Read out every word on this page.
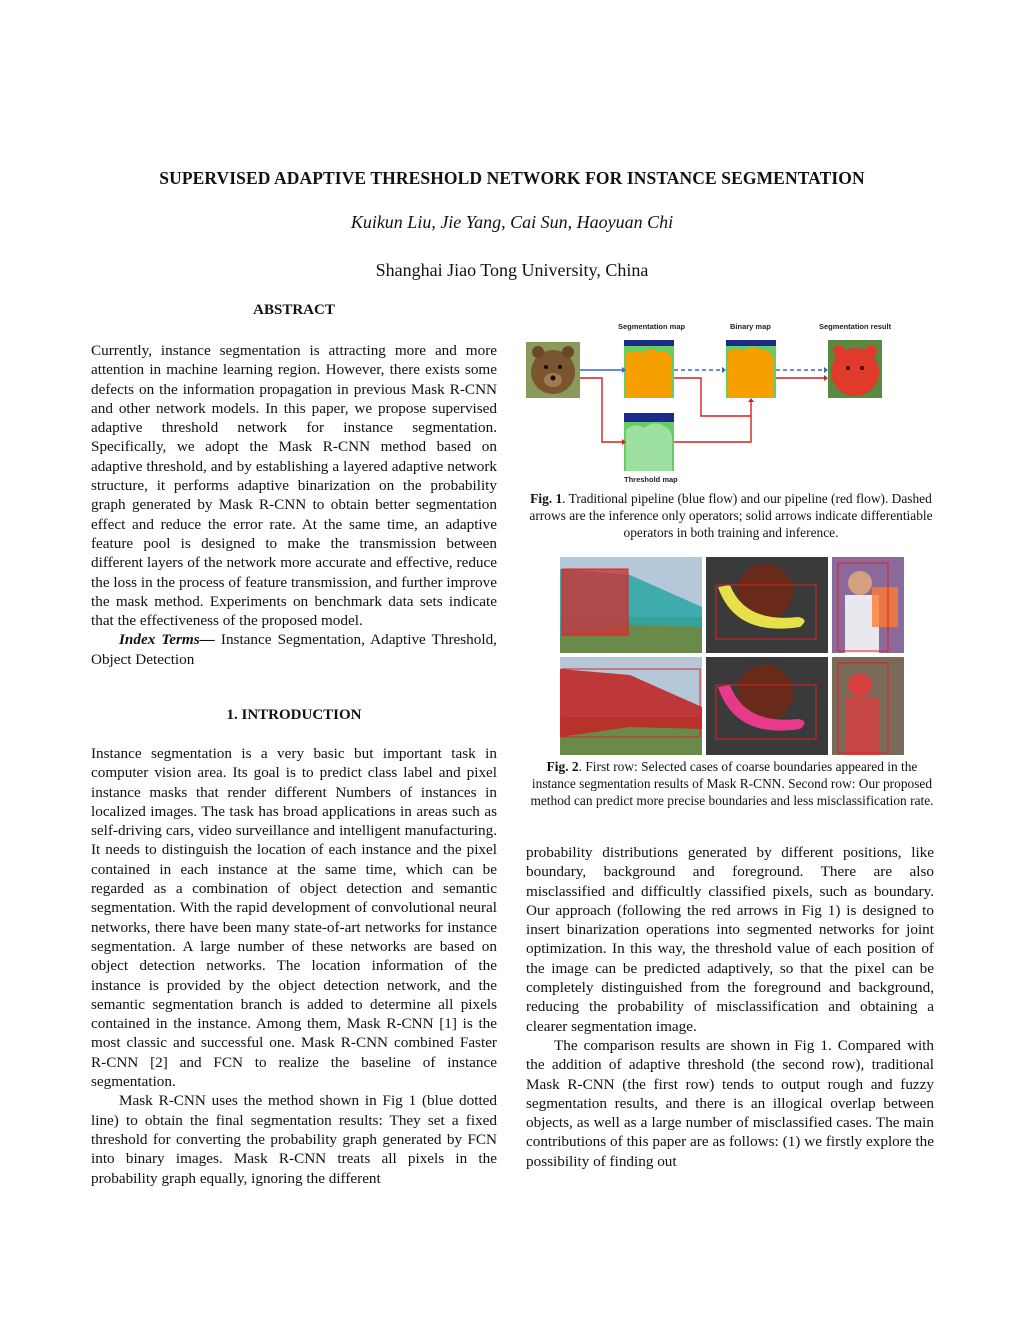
SUPERVISED ADAPTIVE THRESHOLD NETWORK FOR INSTANCE SEGMENTATION
Kuikun Liu, Jie Yang, Cai Sun, Haoyuan Chi
Shanghai Jiao Tong University, China
ABSTRACT

Currently, instance segmentation is attracting more and more attention in machine learning region. However, there exists some defects on the information propagation in previous Mask R-CNN and other network models. In this paper, we propose supervised adaptive threshold network for instance segmentation. Specifically, we adopt the Mask R-CNN method based on adaptive threshold, and by establishing a layered adaptive network structure, it performs adaptive binarization on the probability graph generated by Mask R-CNN to obtain better segmentation effect and reduce the error rate. At the same time, an adaptive feature pool is designed to make the transmission between different layers of the network more accurate and effective, reduce the loss in the process of feature transmission, and further improve the mask method. Experiments on benchmark data sets indicate that the effectiveness of the proposed model.

Index Terms— Instance Segmentation, Adaptive Threshold, Object Detection

1. INTRODUCTION

Instance segmentation is a very basic but important task in computer vision area. Its goal is to predict class label and pixel instance masks that render different Numbers of instances in localized images. The task has broad applications in areas such as self-driving cars, video surveillance and intelligent manufacturing. It needs to distinguish the location of each instance and the pixel contained in each instance at the same time, which can be regarded as a combination of object detection and semantic segmentation. With the rapid development of convolutional neural networks, there have been many state-of-art networks for instance segmentation. A large number of these networks are based on object detection networks. The location information of the instance is provided by the object detection network, and the semantic segmentation branch is added to determine all pixels contained in the instance. Among them, Mask R-CNN [1] is the most classic and successful one. Mask R-CNN combined Faster R-CNN [2] and FCN to realize the baseline of instance segmentation.

Mask R-CNN uses the method shown in Fig 1 (blue dotted line) to obtain the final segmentation results: They set a fixed threshold for converting the probability graph generated by FCN into binary images. Mask R-CNN treats all pixels in the probability graph equally, ignoring the different

Segmentation map	Binary map	Segmentation result
Threshold map
Fig. 1. Traditional pipeline (blue flow) and our pipeline (red flow). Dashed arrows are the inference only operators; solid arrows indicate differentiable operators in both training and inference.
Fig. 2. First row: Selected cases of coarse boundaries appeared in the instance segmentation results of Mask R-CNN. Second row: Our proposed method can predict more precise boundaries and less misclassification rate.

probability distributions generated by different positions, like boundary, background and foreground. There are also misclassified and difficultly classified pixels, such as boundary. Our approach (following the red arrows in Fig 1) is designed to insert binarization operations into segmented networks for joint optimization. In this way, the threshold value of each position of the image can be predicted adaptively, so that the pixel can be completely distinguished from the foreground and background, reducing the probability of misclassification and obtaining a clearer segmentation image.

The comparison results are shown in Fig 1. Compared with the addition of adaptive threshold (the second row), traditional Mask R-CNN (the first row) tends to output rough and fuzzy segmentation results, and there is an illogical overlap between objects, as well as a large number of misclassified cases. The main contributions of this paper are as follows: (1) we firstly explore the possibility of finding out
